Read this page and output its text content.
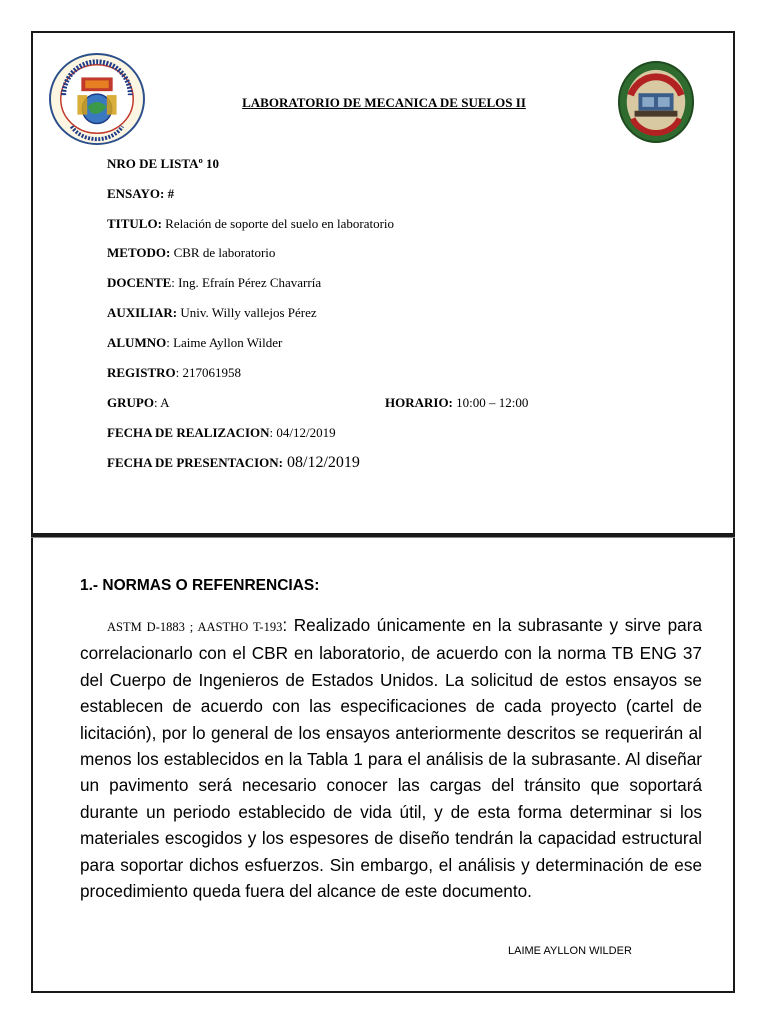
LABORATORIO DE MECANICA DE SUELOS II
NRO DE LISTAº 10
ENSAYO: #
TITULO: Relación de soporte del suelo en laboratorio
METODO: CBR de laboratorio
DOCENTE: Ing. Efraín Pérez Chavarría
AUXILIAR: Univ. Willy vallejos Pérez
ALUMNO: Laime Ayllon Wilder
REGISTRO: 217061958
GRUPO: A	HORARIO: 10:00 – 12:00
FECHA DE REALIZACION: 04/12/2019
FECHA DE PRESENTACION: 08/12/2019
1.- NORMAS O REFENRENCIAS:
ASTM D-1883 ; AASTHO T-193: Realizado únicamente en la subrasante y sirve para correlacionarlo con el CBR en laboratorio, de acuerdo con la norma TB ENG 37 del Cuerpo de Ingenieros de Estados Unidos. La solicitud de estos ensayos se establecen de acuerdo con las especificaciones de cada proyecto (cartel de licitación), por lo general de los ensayos anteriormente descritos se requerirán al menos los establecidos en la Tabla 1 para el análisis de la subrasante. Al diseñar un pavimento será necesario conocer las cargas del tránsito que soportará durante un periodo establecido de vida útil, y de esta forma determinar si los materiales escogidos y los espesores de diseño tendrán la capacidad estructural para soportar dichos esfuerzos. Sin embargo, el análisis y determinación de ese procedimiento queda fuera del alcance de este documento.
LAIME AYLLON WILDER
